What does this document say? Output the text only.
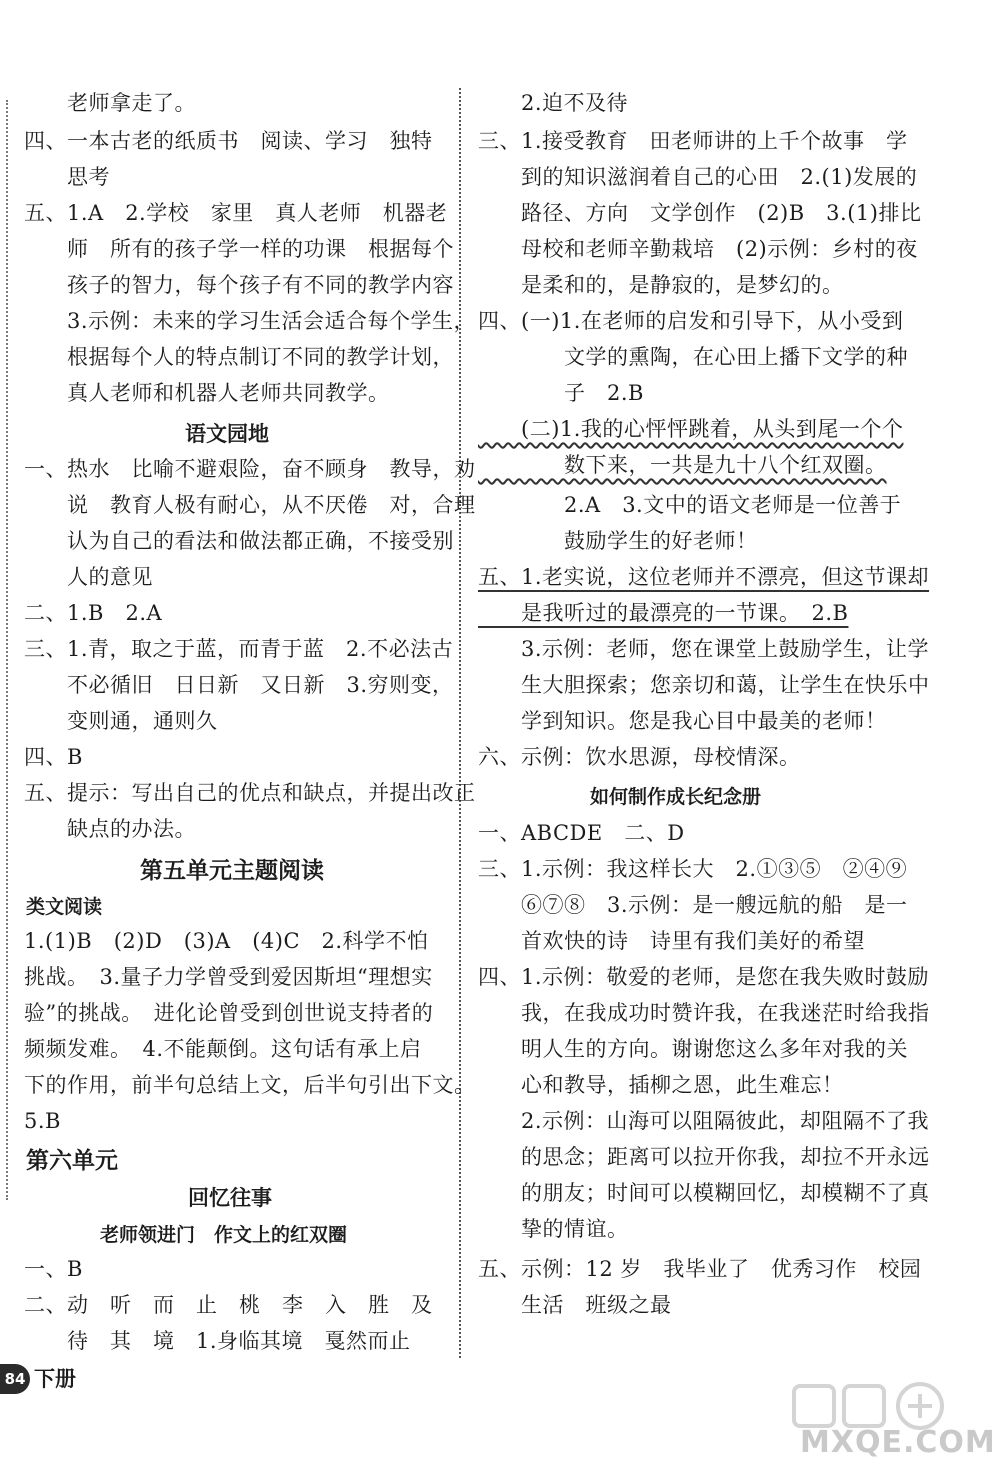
　　老师拿走了。
四、一本古老的纸质书　阅读、学习　独特
　　思考
五、1.A　2.学校　家里　真人老师　机器老
　　师　所有的孩子学一样的功课　根据每个
　　孩子的智力，每个孩子有不同的教学内容
　　3.示例：未来的学习生活会适合每个学生，
　　根据每个人的特点制订不同的教学计划，
　　真人老师和机器人老师共同教学。
语文园地
一、热水　比喻不避艰险，奋不顾身　教导，劝
　　说　教育人极有耐心，从不厌倦　对，合理
　　认为自己的看法和做法都正确，不接受别
　　人的意见
二、1.B　2.A
三、1.青，取之于蓝，而青于蓝　2.不必法古
　　不必循旧　日日新　又日新　3.穷则变，
　　变则通，通则久
四、B
五、提示：写出自己的优点和缺点，并提出改正
　　缺点的办法。
第五单元主题阅读
类文阅读
1.(1)B　(2)D　(3)A　(4)C　2.科学不怕
挑战。　3.量子力学曾受到爱因斯坦“理想实
验”的挑战。　进化论曾受到创世说支持者的
频频发难。　4.不能颠倒。这句话有承上启
下的作用，前半句总结上文，后半句引出下文。
5.B
第六单元
回忆往事
老师领进门　作文上的红双圈
一、B
二、动　听　而　止　桃　李　入　胜　及
　　待　其　境　1.身临其境　戛然而止
　　2.迫不及待
三、1.接受教育　田老师讲的上千个故事　学
　　到的知识滋润着自己的心田　2.(1)发展的
　　路径、方向　文学创作　(2)B　3.(1)排比
　　母校和老师辛勤栽培　(2)示例：乡村的夜
　　是柔和的，是静寂的，是梦幻的。
四、(一)1.在老师的启发和引导下，从小受到
　　　　文学的熏陶，在心田上播下文学的种
　　　　子　2.B
　　(二)1.我的心怦怦跳着，从头到尾一个个
　　　　数下来，一共是九十八个红双圈。
　　　　2.A　3.文中的语文老师是一位善于
　　　　鼓励学生的好老师！
五、1.老实说，这位老师并不漂亮，但这节课却
　　是我听过的最漂亮的一节课。　2.B
　　3.示例：老师，您在课堂上鼓励学生，让学
　　生大胆探索；您亲切和蔼，让学生在快乐中
　　学到知识。您是我心目中最美的老师！
六、示例：饮水思源，母校情深。
如何制作成长纪念册
一、ABCDE　二、D
三、1.示例：我这样长大　2.①③⑤　②④⑨
　　⑥⑦⑧　3.示例：是一艘远航的船　是一
　　首欢快的诗　诗里有我们美好的希望
四、1.示例：敬爱的老师，是您在我失败时鼓励
　　我，在我成功时赞许我，在我迷茫时给我指
　　明人生的方向。谢谢您这么多年对我的关
　　心和教导，插柳之恩，此生难忘！
　　2.示例：山海可以阻隔彼此，却阻隔不了我
　　的思念；距离可以拉开你我，却拉不开永远
　　的朋友；时间可以模糊回忆，却模糊不了真
　　挚的情谊。
五、示例：12 岁　我毕业了　优秀习作　校园
　　生活　班级之最
84 下册
MXQE.COM
